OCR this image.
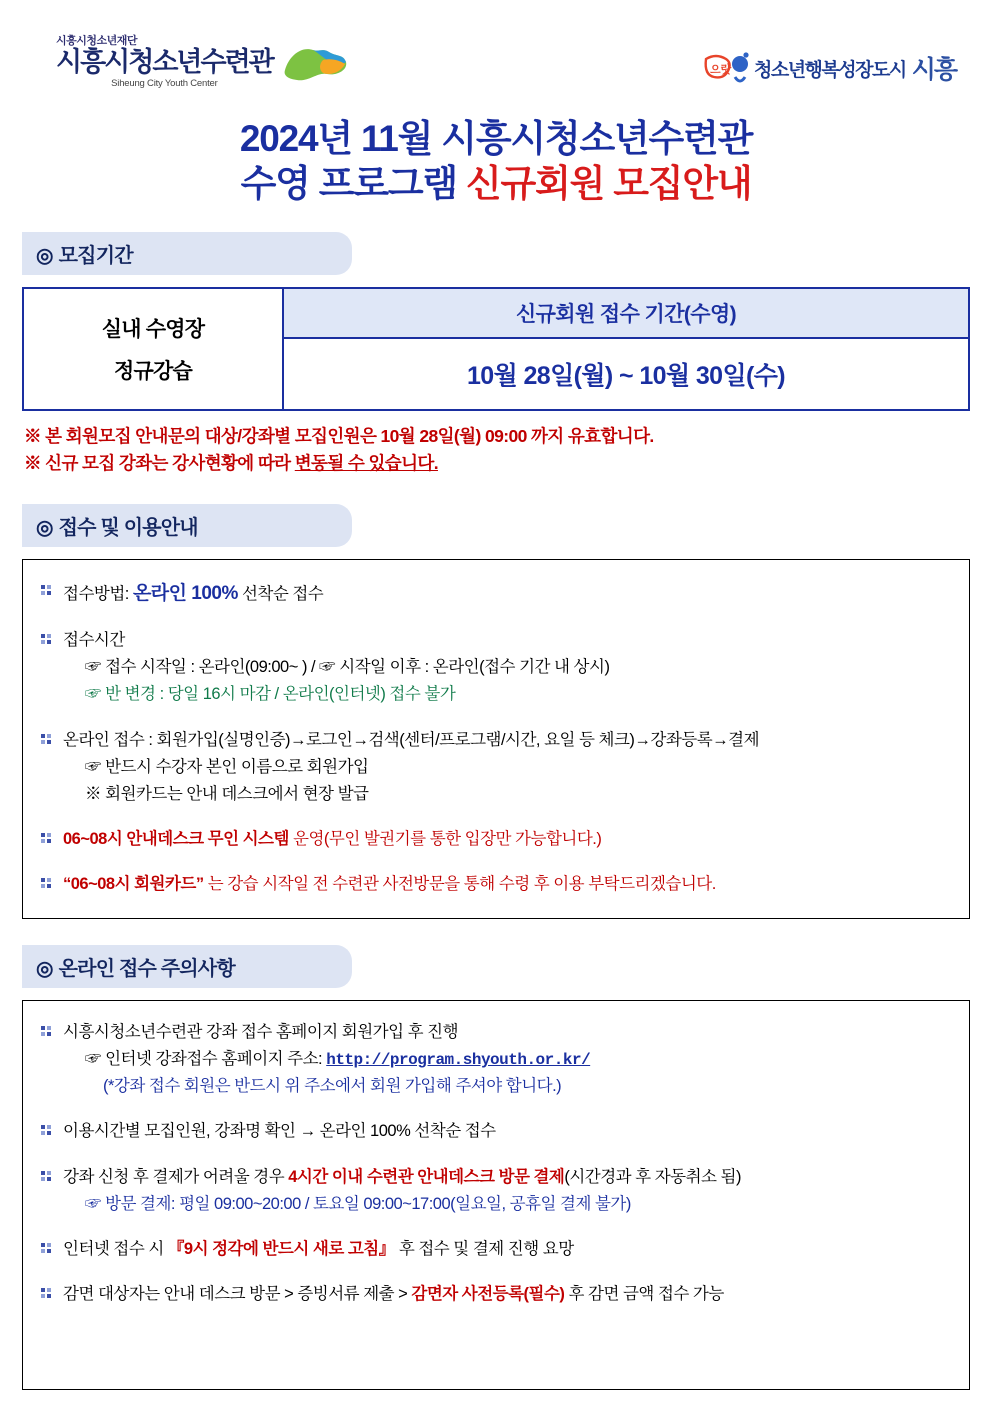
시흥시청소년재단
시흥시청소년수련관
Siheung City Youth Center
으랏 청소년행복성장도시 시흥
2024년 11월 시흥시청소년수련관
수영 프로그램 신규회원 모집안내
◎ 모집기간
실내 수영장
정규강습
신규회원 접수 기간(수영)
10월 28일(월) ~ 10월 30일(수)
※ 본 회원모집 안내문의 대상/강좌별 모집인원은 10월 28일(월) 09:00 까지 유효합니다.
※ 신규 모집 강좌는 강사현황에 따라 변동될 수 있습니다.
◎ 접수 및 이용안내
접수방법: 온라인 100% 선착순 접수
접수시간
☞ 접수 시작일 : 온라인(09:00~ ) / ☞ 시작일 이후 : 온라인(접수 기간 내 상시)
☞ 반 변경 : 당일 16시 마감 / 온라인(인터넷) 접수 불가
온라인 접수 : 회원가입(실명인증)→로그인→검색(센터/프로그램/시간, 요일 등 체크)→강좌등록→결제
☞ 반드시 수강자 본인 이름으로 회원가입
※ 회원카드는 안내 데스크에서 현장 발급
06~08시 안내데스크 무인 시스템 운영(무인 발권기를 통한 입장만 가능합니다.)
“06~08시 회원카드” 는 강습 시작일 전 수련관 사전방문을 통해 수령 후 이용 부탁드리겠습니다.
◎ 온라인 접수 주의사항
시흥시청소년수련관 강좌 접수 홈페이지 회원가입 후 진행
☞ 인터넷 강좌접수 홈페이지 주소: http://program.shyouth.or.kr/
(*강좌 접수 회원은 반드시 위 주소에서 회원 가입해 주셔야 합니다.)
이용시간별 모집인원, 강좌명 확인 → 온라인 100% 선착순 접수
강좌 신청 후 결제가 어려울 경우 4시간 이내 수련관 안내데스크 방문 결제(시간경과 후 자동취소 됨)
☞ 방문 결제: 평일 09:00~20:00 / 토요일 09:00~17:00(일요일, 공휴일 결제 불가)
인터넷 접수 시 『9시 정각에 반드시 새로 고침』 후 접수 및 결제 진행 요망
감면 대상자는 안내 데스크 방문 > 증빙서류 제출 > 감면자 사전등록(필수) 후 감면 금액 접수 가능
